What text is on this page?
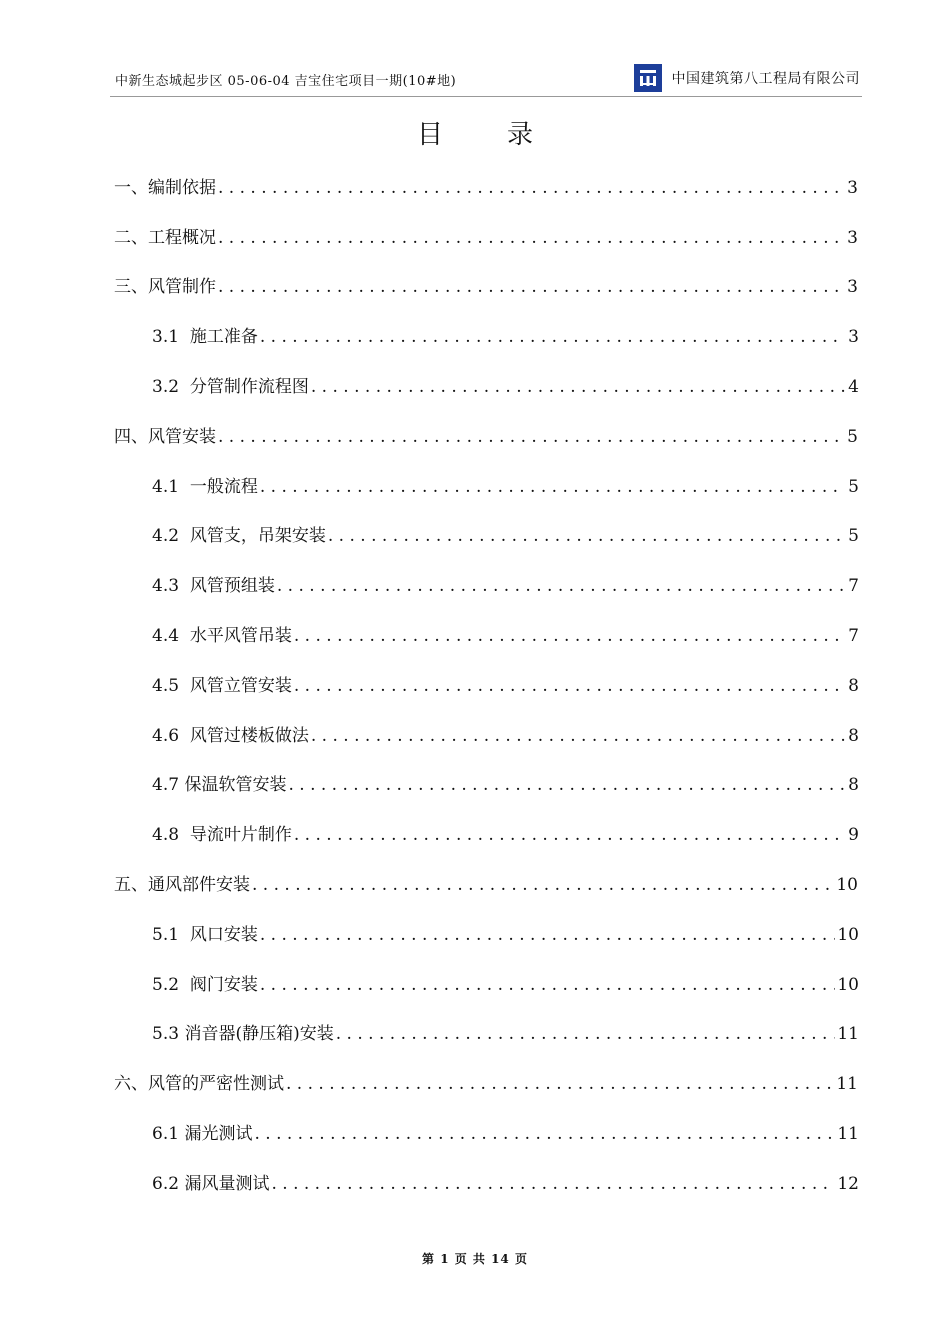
中新生态城起步区 05-06-04 吉宝住宅项目一期(10#地)	中国建筑第八工程局有限公司
目 录
一、编制依据 . . .	3
二、工程概况 . . .	3
三、风管制作 . . .	3
3.1  施工准备 . . .	3
3.2  分管制作流程图 . . .	4
四、风管安装 . . .	5
4.1  一般流程 . . .	5
4.2  风管支，吊架安装 . . .	5
4.3  风管预组装 . . .	7
4.4  水平风管吊装 . . .	7
4.5  风管立管安装 . . .	8
4.6  风管过楼板做法 . . .	8
4.7 保温软管安装 . . .	8
4.8  导流叶片制作 . . .	9
五、通风部件安装 . . .	10
5.1  风口安装 . . .	10
5.2  阀门安装 . . .	10
5.3 消音器(静压箱)安装 . . .	11
六、风管的严密性测试 . . .	11
6.1 漏光测试 . . .	11
6.2 漏风量测试 . . .	12
第 1 页 共 14 页
